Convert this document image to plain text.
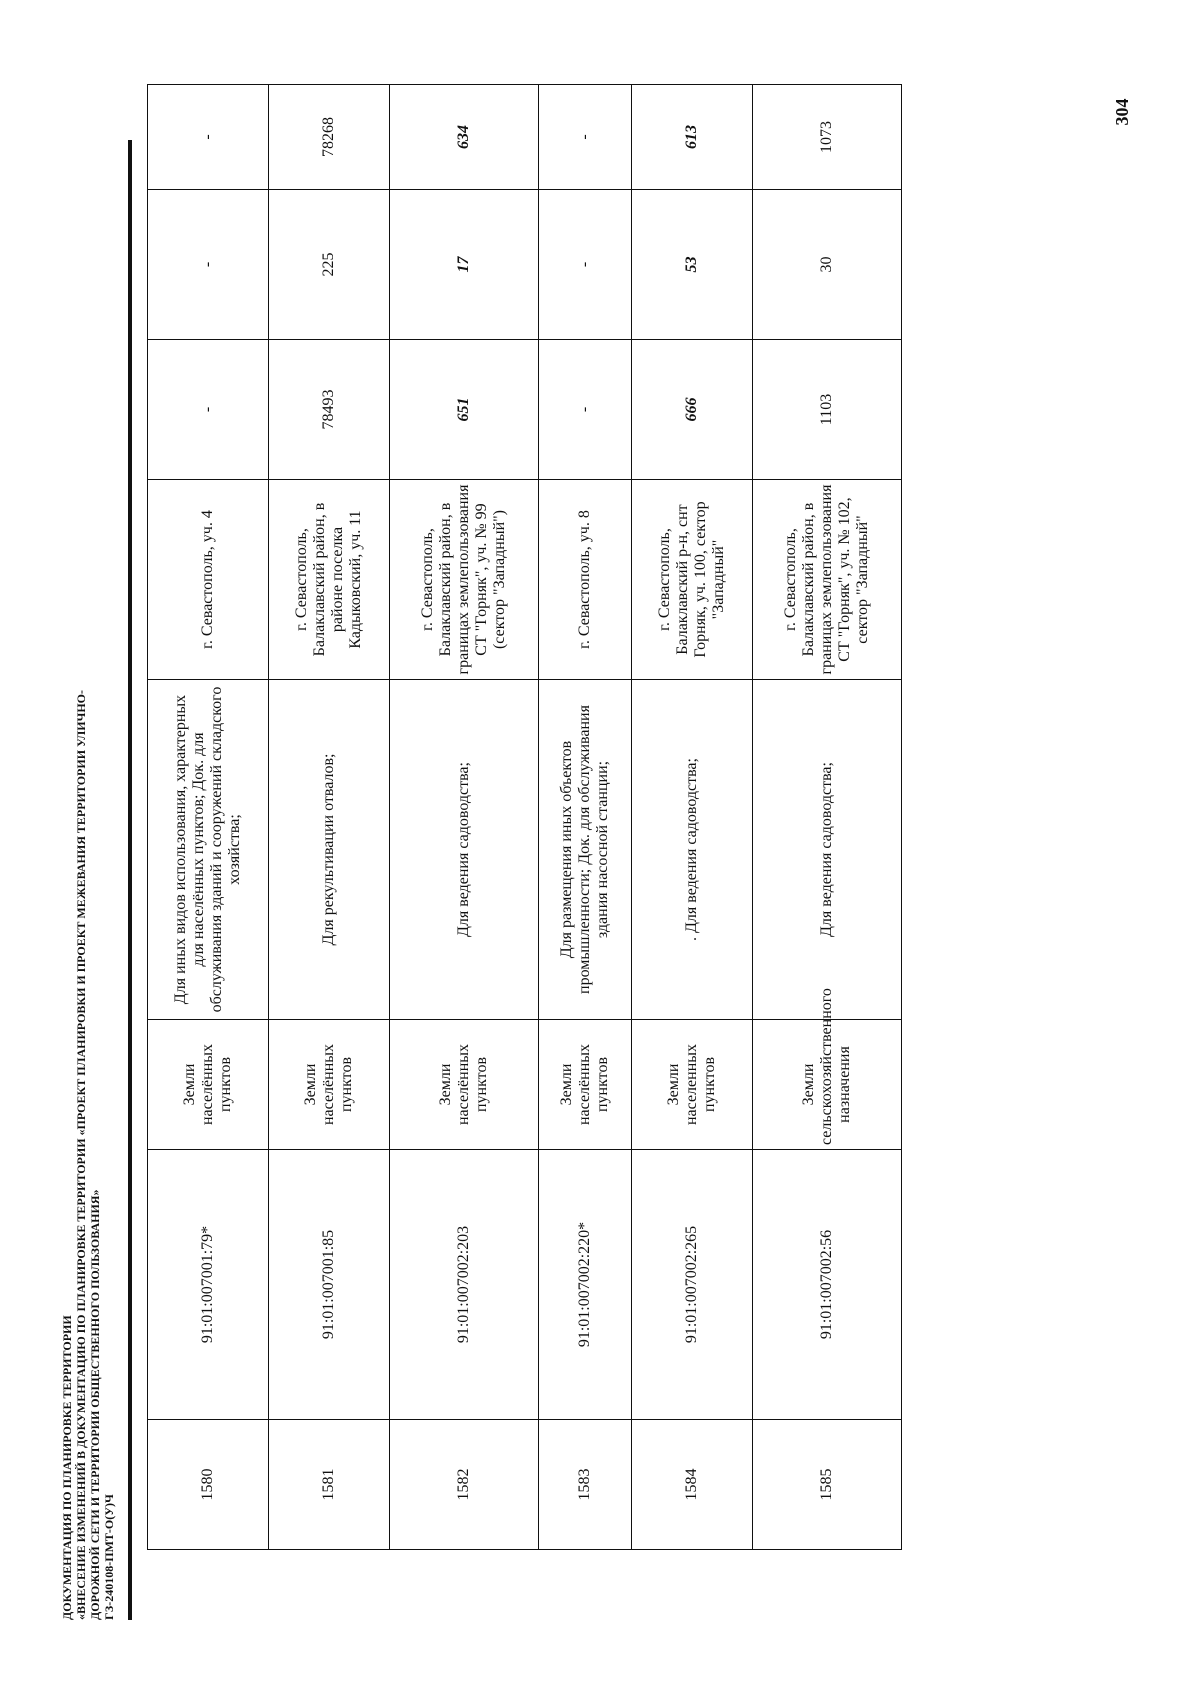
304
ДОКУМЕНТАЦИЯ ПО ПЛАНИРОВКЕ ТЕРРИТОРИИ «ВНЕСЕНИЕ ИЗМЕНЕНИЙ В ДОКУМЕНТАЦИЮ ПО ПЛАНИРОВКЕ ТЕРРИТОРИИ «ПРОЕКТ ПЛАНИРОВКИ И ПРОЕКТ МЕЖЕВАНИЯ ТЕРРИТОРИИ УЛИЧНО- ДОРОЖНОЙ СЕТИ И ТЕРРИТОРИИ ОБЩЕСТВЕННОГО ПОЛЬЗОВАНИЯ» ГЗ-240108-ПМТ-О(У)Ч
1580	91:01:007001:79*	Земли населённых пунктов	Для иных видов использования, характерных для населённых пунктов; Док. для обслуживания зданий и сооружений складского хозяйства;	г. Севастополь, уч. 4	-	-	-
1581	91:01:007001:85	Земли населённых пунктов	Для рекультивации отвалов;	г. Севастополь, Балаклавский район, в районе поселка Кадыковский, уч. 11	78493	225	78268
1582	91:01:007002:203	Земли населённых пунктов	Для ведения садоводства;	г. Севастополь, Балаклавский район, в границах землепользования СТ "Горняк", уч. № 99 (сектор "Западный")	651	17	634
1583	91:01:007002:220*	Земли населённых пунктов	Для размещения иных объектов промышленности; Док. для обслуживания здания насосной станции;	г. Севастополь, уч. 8	-	-	-
1584	91:01:007002:265	Земли населенных пунктов	. Для ведения садоводства;	г. Севастополь, Балаклавский р-н, снт Горняк, уч. 100, сектор "Западный"	666	53	613
1585	91:01:007002:56	Земли сельскохозяйственного назначения	Для ведения садоводства;	г. Севастополь, Балаклавский район, в границах землепользования СТ "Горняк", уч. № 102, сектор "Западный"	1103	30	1073
